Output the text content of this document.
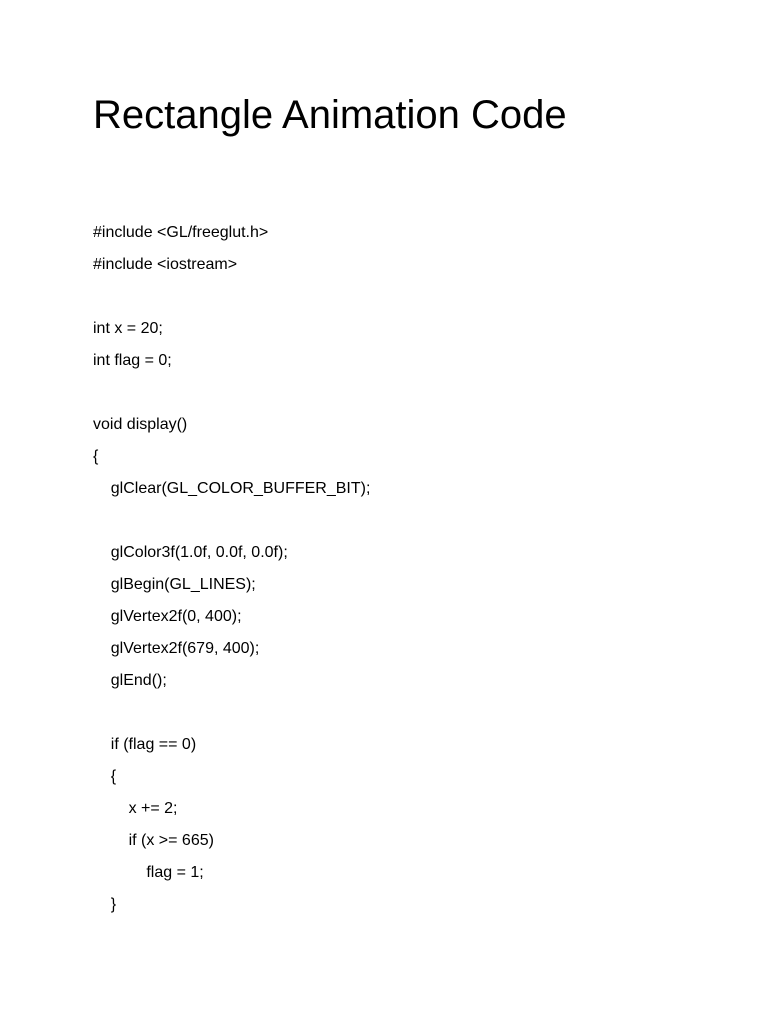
Rectangle Animation Code
#include <GL/freeglut.h>
#include <iostream>
int x = 20;
int flag = 0;
void display()
{
glClear(GL_COLOR_BUFFER_BIT);
glColor3f(1.0f, 0.0f, 0.0f);
glBegin(GL_LINES);
glVertex2f(0, 400);
glVertex2f(679, 400);
glEnd();
if (flag == 0)
{
x += 2;
if (x >= 665)
flag = 1;
}
